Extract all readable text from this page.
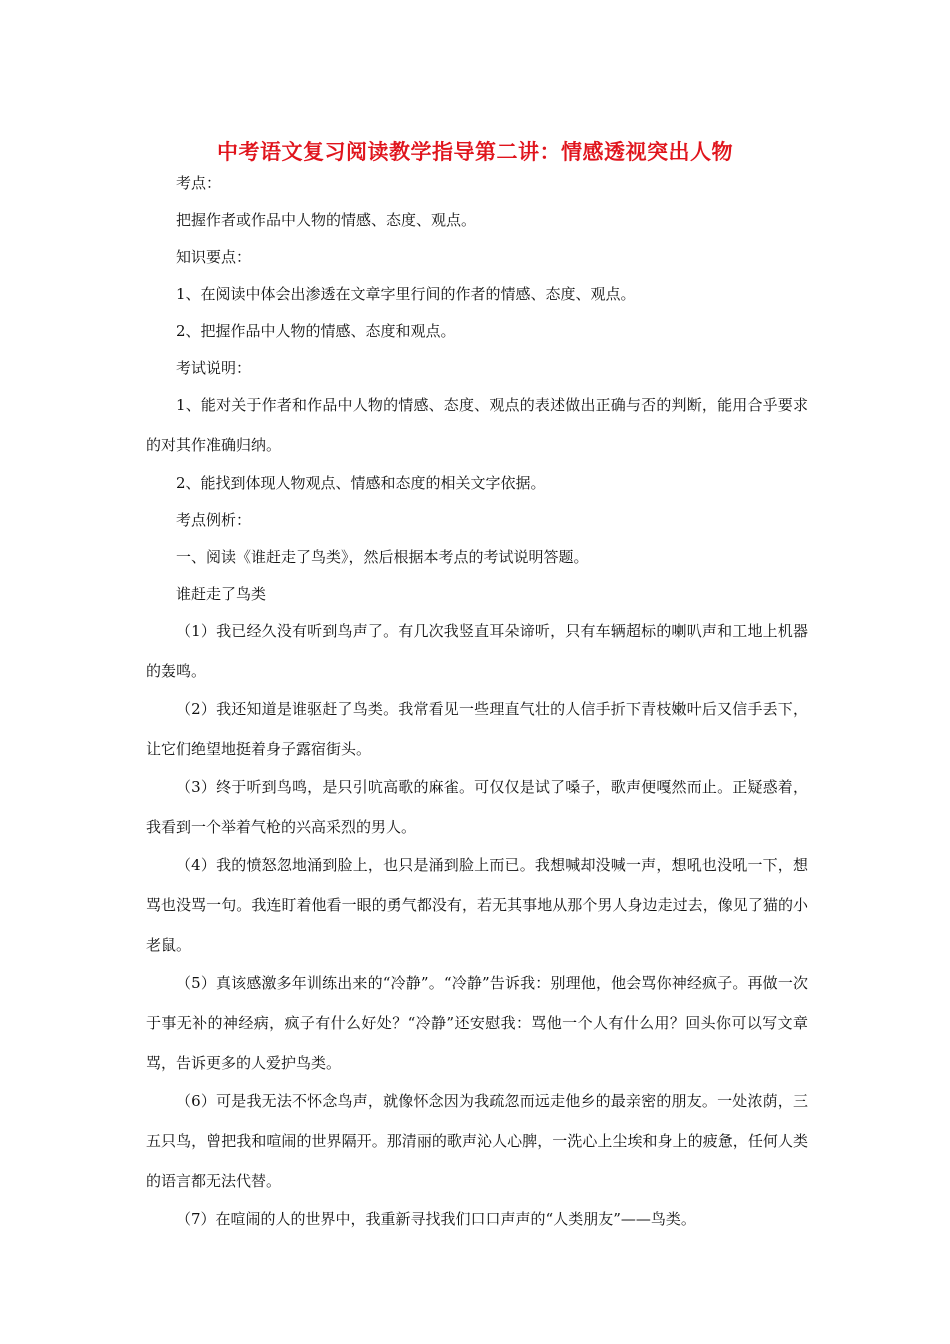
中考语文复习阅读教学指导第二讲：情感透视突出人物

考点：

把握作者或作品中人物的情感、态度、观点。

知识要点：

1、在阅读中体会出渗透在文章字里行间的作者的情感、态度、观点。

2、把握作品中人物的情感、态度和观点。

考试说明：

1、能对关于作者和作品中人物的情感、态度、观点的表述做出正确与否的判断，能用合乎要求的对其作准确归纳。

2、能找到体现人物观点、情感和态度的相关文字依据。

考点例析：

一、阅读《谁赶走了鸟类》，然后根据本考点的考试说明答题。

谁赶走了鸟类

（1）我已经久没有听到鸟声了。有几次我竖直耳朵谛听，只有车辆超标的喇叭声和工地上机器的轰鸣。

（2）我还知道是谁驱赶了鸟类。我常看见一些理直气壮的人信手折下青枝嫩叶后又信手丢下，让它们绝望地挺着身子露宿街头。

（3）终于听到鸟鸣，是只引吭高歌的麻雀。可仅仅是试了嗓子，歌声便嘎然而止。正疑惑着，我看到一个举着气枪的兴高采烈的男人。

（4）我的愤怒忽地涌到脸上，也只是涌到脸上而已。我想喊却没喊一声，想吼也没吼一下，想骂也没骂一句。我连盯着他看一眼的勇气都没有，若无其事地从那个男人身边走过去，像见了猫的小老鼠。

（5）真该感激多年训练出来的“冷静”。“冷静”告诉我：别理他，他会骂你神经疯子。再做一次于事无补的神经病，疯子有什么好处？“冷静”还安慰我：骂他一个人有什么用？回头你可以写文章骂，告诉更多的人爱护鸟类。

（6）可是我无法不怀念鸟声，就像怀念因为我疏忽而远走他乡的最亲密的朋友。一处浓荫，三五只鸟，曾把我和喧闹的世界隔开。那清丽的歌声沁人心脾，一洗心上尘埃和身上的疲惫，任何人类的语言都无法代替。

（7）在喧闹的人的世界中，我重新寻找我们口口声声的“人类朋友”——鸟类。
